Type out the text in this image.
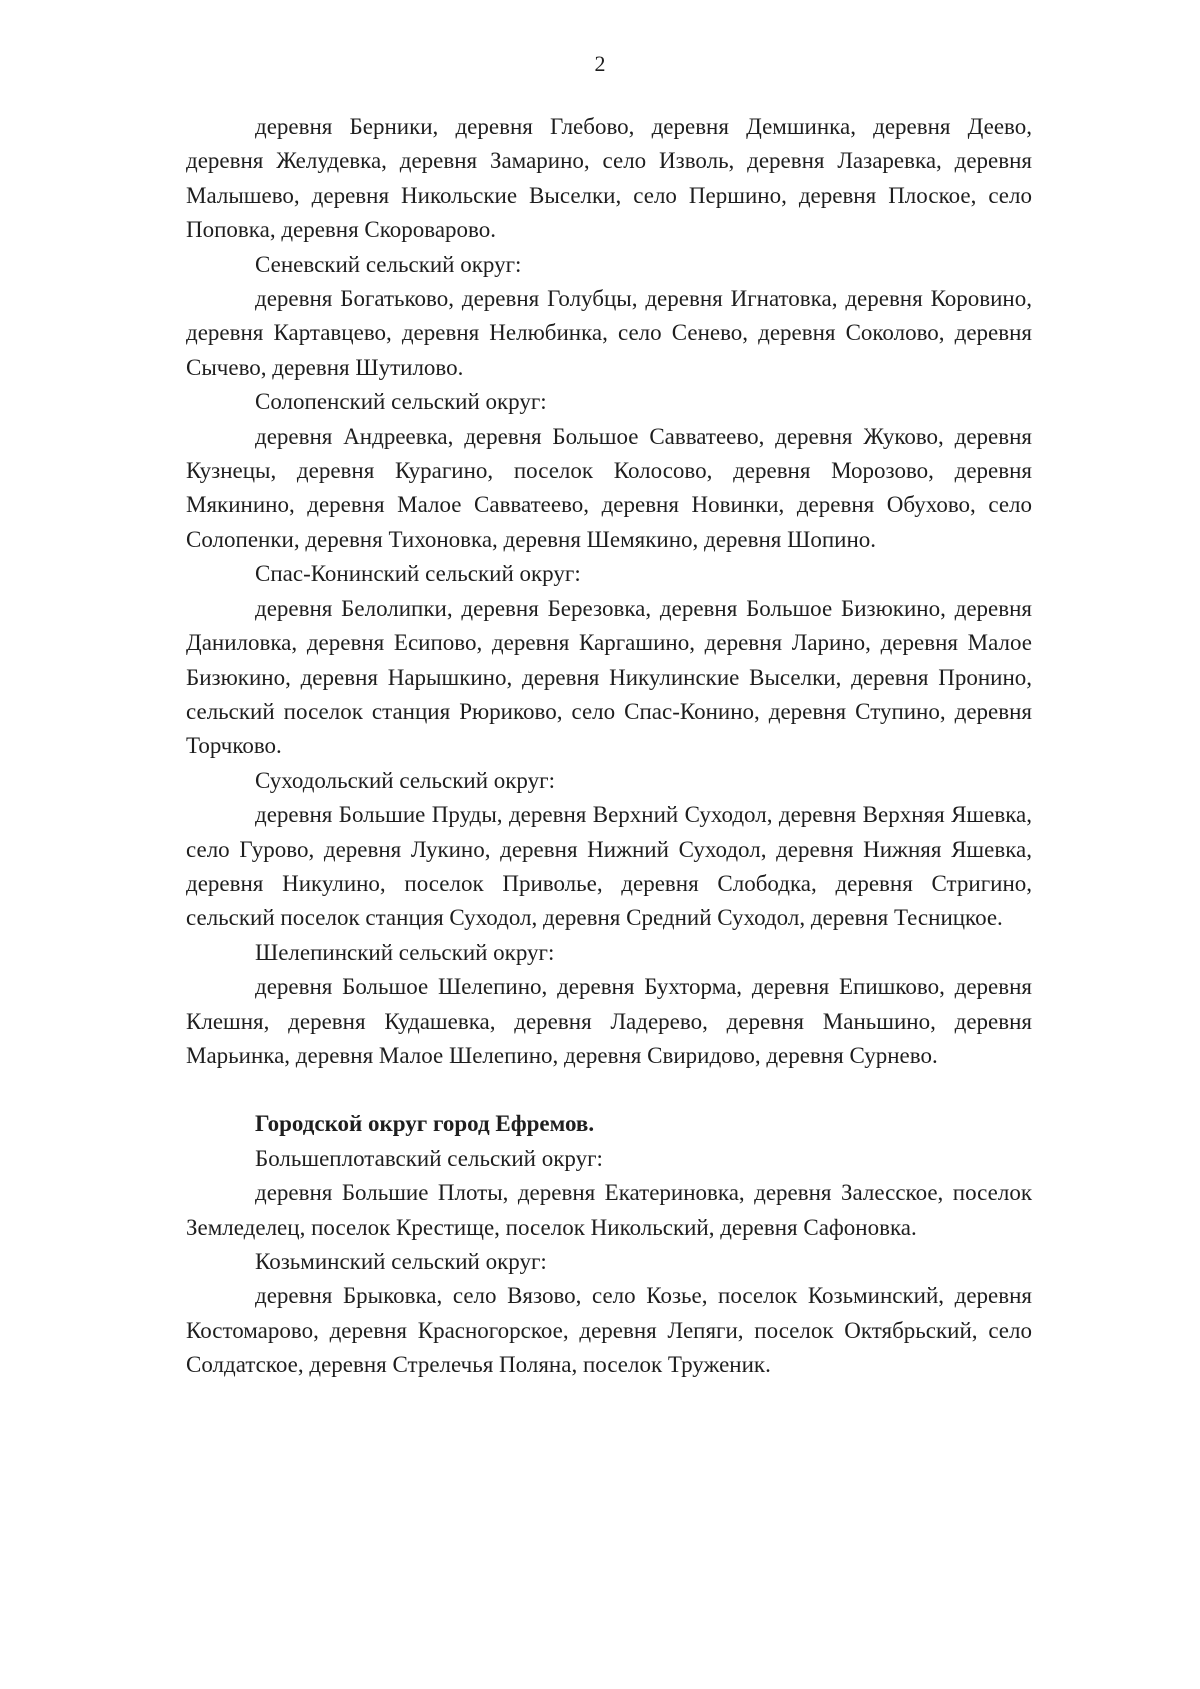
2

деревня Берники, деревня Глебово, деревня Демшинка, деревня Деево, деревня Желудевка, деревня Замарино, село Изволь, деревня Лазаревка, деревня Малышево, деревня Никольские Выселки, село Першино, деревня Плоское, село Поповка, деревня Скороварово.

Сеневский сельский округ:

деревня Богатьково, деревня Голубцы, деревня Игнатовка, деревня Коровино, деревня Картавцево, деревня Нелюбинка, село Сенево, деревня Соколово, деревня Сычево, деревня Шутилово.

Солопенский сельский округ:

деревня Андреевка, деревня Большое Савватеево, деревня Жуково, деревня Кузнецы, деревня Курагино, поселок Колосово, деревня Морозово, деревня Мякинино, деревня Малое Савватеево, деревня Новинки, деревня Обухово, село Солопенки, деревня Тихоновка, деревня Шемякино, деревня Шопино.

Спас-Конинский сельский округ:

деревня Белолипки, деревня Березовка, деревня Большое Бизюкино, деревня Даниловка, деревня Есипово, деревня Каргашино, деревня Ларино, деревня Малое Бизюкино, деревня Нарышкино, деревня Никулинские Выселки, деревня Пронино, сельский поселок станция Рюриково, село Спас-Конино, деревня Ступино, деревня Торчково.

Суходольский сельский округ:

деревня Большие Пруды, деревня Верхний Суходол, деревня Верхняя Яшевка, село Гурово, деревня Лукино, деревня Нижний Суходол, деревня Нижняя Яшевка, деревня Никулино, поселок Приволье, деревня Слободка, деревня Стригино, сельский поселок станция Суходол, деревня Средний Суходол, деревня Тесницкое.

Шелепинский сельский округ:

деревня Большое Шелепино, деревня Бухторма, деревня Епишково, деревня Клешня, деревня Кудашевка, деревня Ладерево, деревня Маньшино, деревня Марьинка, деревня Малое Шелепино, деревня Свиридово, деревня Сурнево.

Городской округ город Ефремов.

Большеплотавский сельский округ:

деревня Большие Плоты, деревня Екатериновка, деревня Залесское, поселок Земледелец, поселок Крестище, поселок Никольский, деревня Сафоновка.

Козьминский сельский округ:

деревня Брыковка, село Вязово, село Козье, поселок Козьминский, деревня Костомарово, деревня Красногорское, деревня Лепяги, поселок Октябрьский, село Солдатское, деревня Стрелечья Поляна, поселок Труженик.
